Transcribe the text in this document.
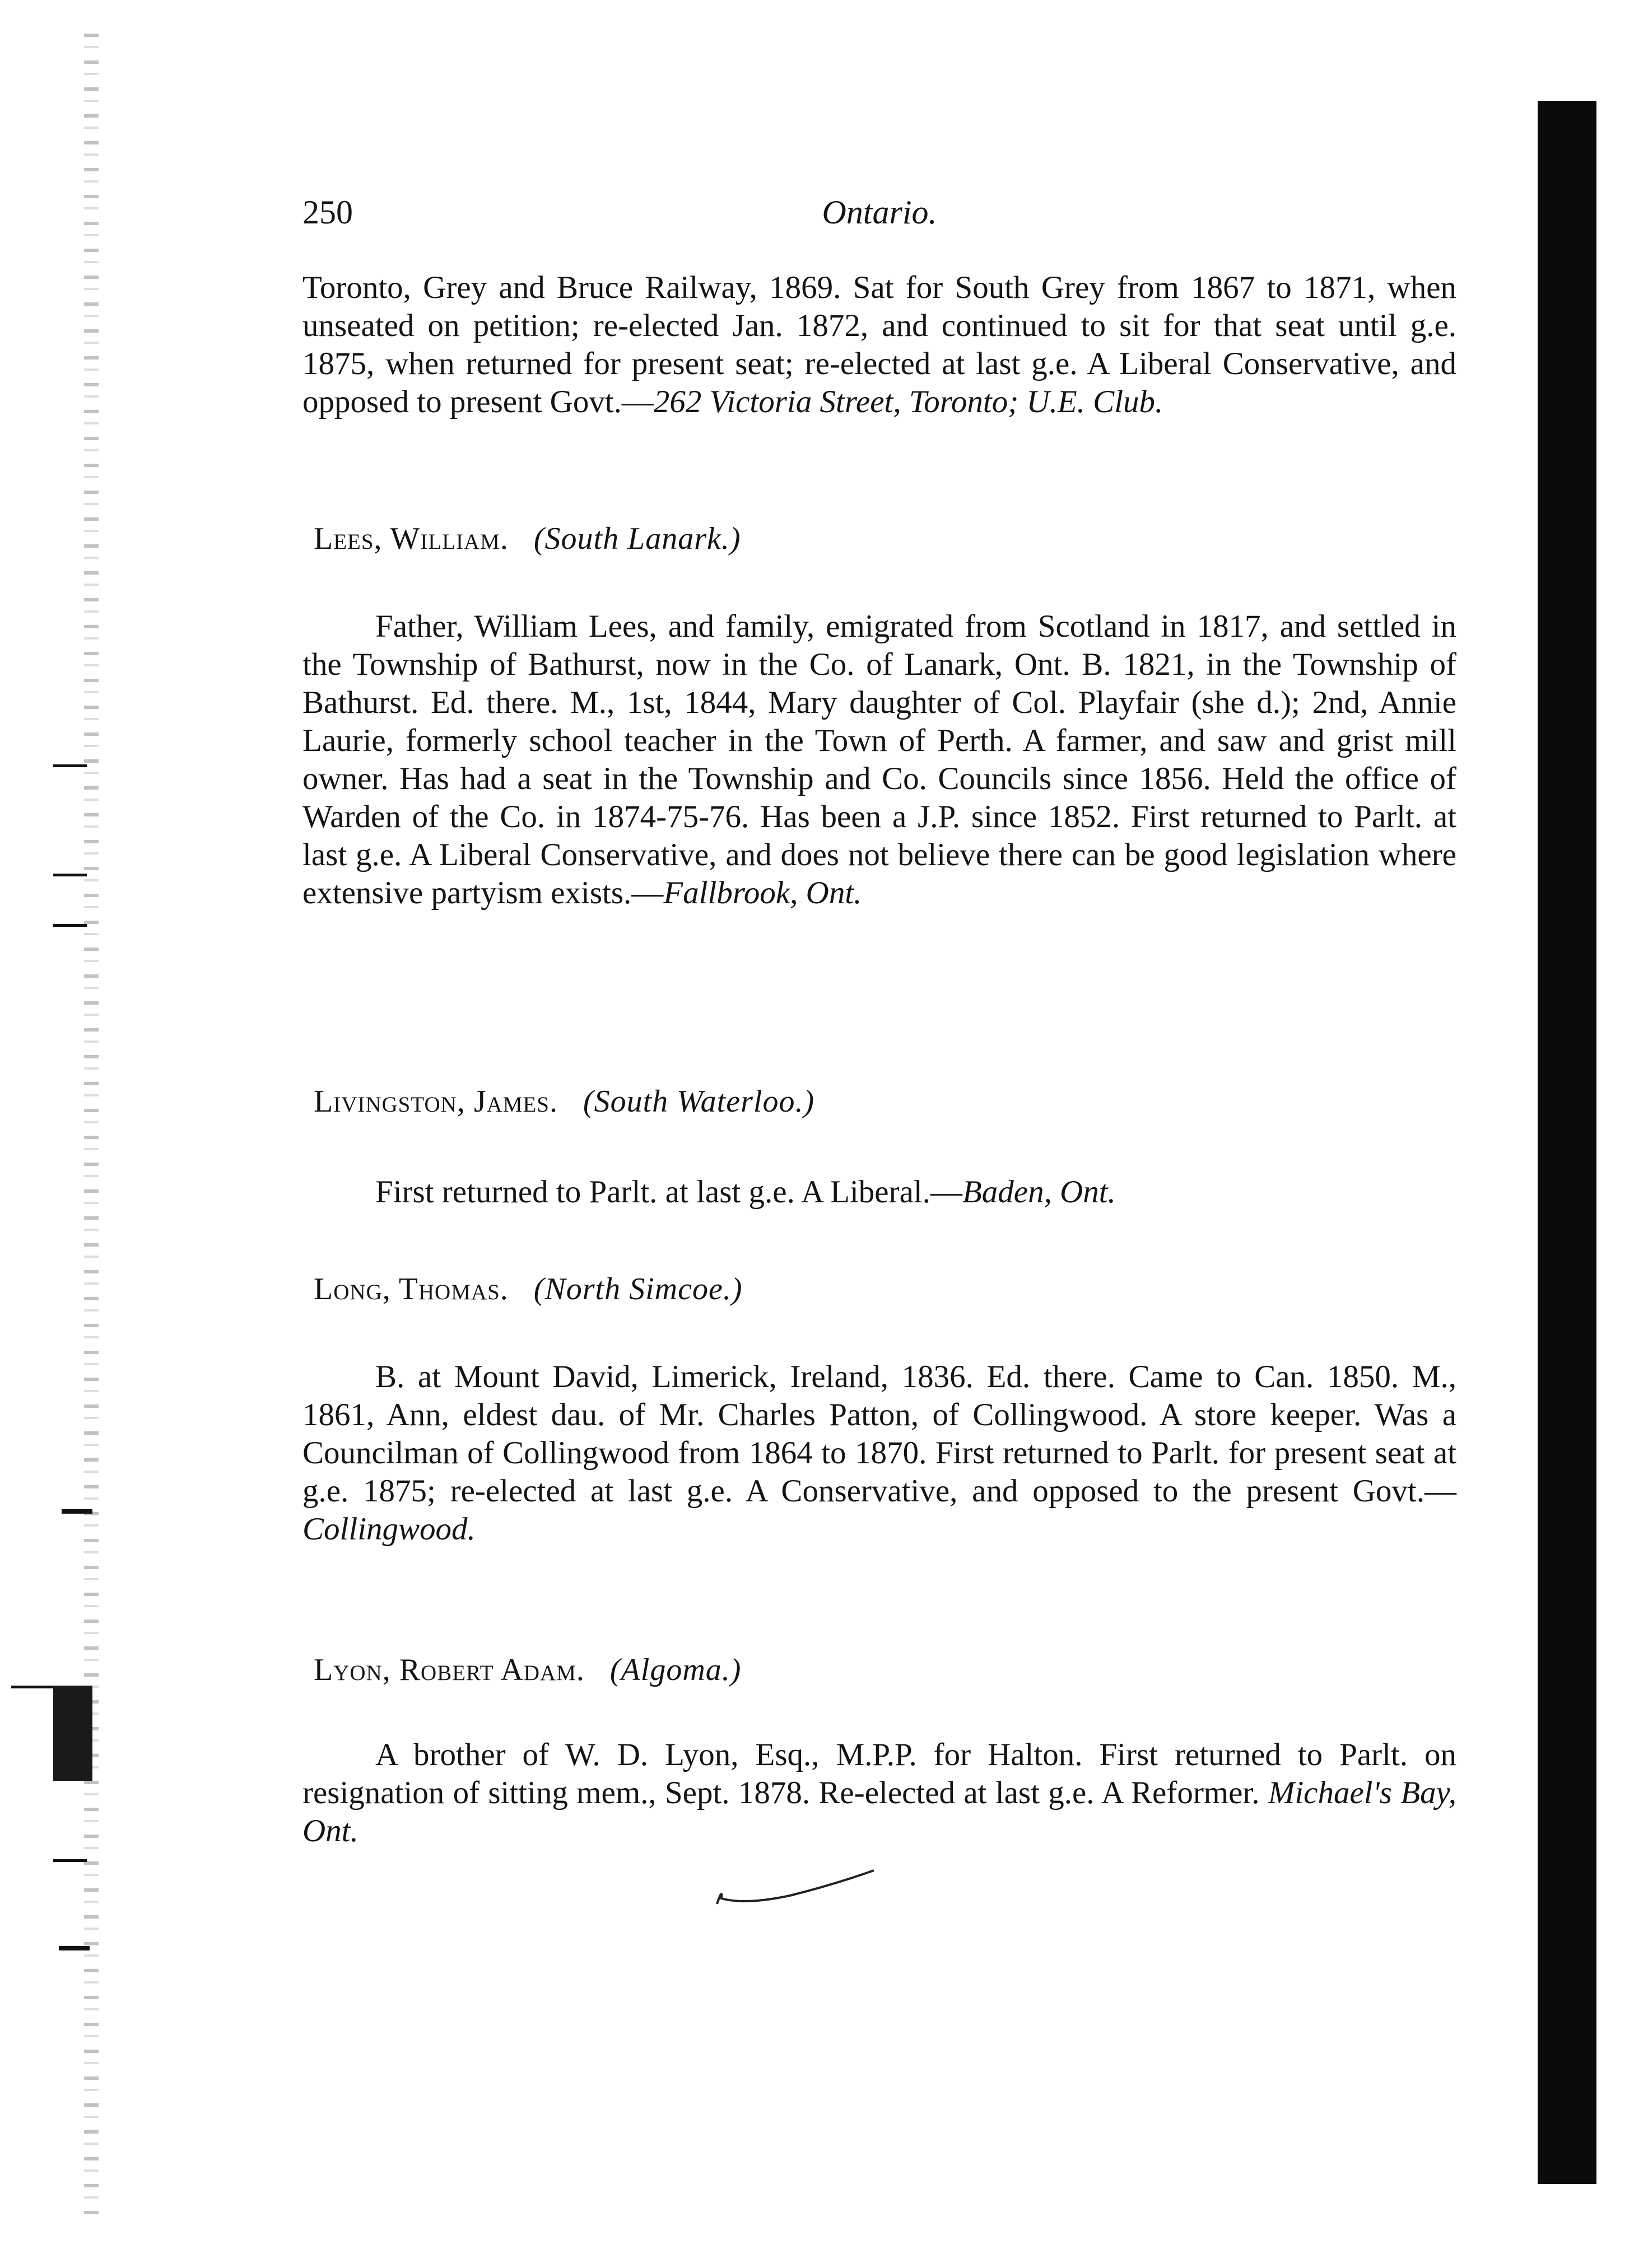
250	Ontario.
Toronto, Grey and Bruce Railway, 1869. Sat for South Grey from 1867 to 1871, when unseated on petition; re-elected Jan. 1872, and continued to sit for that seat until g.e. 1875, when returned for present seat; re-elected at last g.e. A Liberal Conservative, and opposed to present Govt.—262 Victoria Street, Toronto; U.E. Club.
Lees, William. (South Lanark.)
Father, William Lees, and family, emigrated from Scotland in 1817, and settled in the Township of Bathurst, now in the Co. of Lanark, Ont. B. 1821, in the Township of Bathurst. Ed. there. M., 1st, 1844, Mary daughter of Col. Playfair (she d.); 2nd, Annie Laurie, formerly school teacher in the Town of Perth. A farmer, and saw and grist mill owner. Has had a seat in the Township and Co. Councils since 1856. Held the office of Warden of the Co. in 1874-75-76. Has been a J.P. since 1852. First returned to Parlt. at last g.e. A Liberal Conservative, and does not believe there can be good legislation where extensive partyism exists.—Fallbrook, Ont.
Livingston, James. (South Waterloo.)
First returned to Parlt. at last g.e. A Liberal.—Baden, Ont.
Long, Thomas. (North Simcoe.)
B. at Mount David, Limerick, Ireland, 1836. Ed. there. Came to Can. 1850. M., 1861, Ann, eldest dau. of Mr. Charles Patton, of Collingwood. A store keeper. Was a Councilman of Collingwood from 1864 to 1870. First returned to Parlt. for present seat at g.e. 1875; re-elected at last g.e. A Conservative, and opposed to the present Govt.—Collingwood.
Lyon, Robert Adam. (Algoma.)
A brother of W. D. Lyon, Esq., M.P.P. for Halton. First returned to Parlt. on resignation of sitting mem., Sept. 1878. Re-elected at last g.e. A Reformer. Michael's Bay, Ont.
